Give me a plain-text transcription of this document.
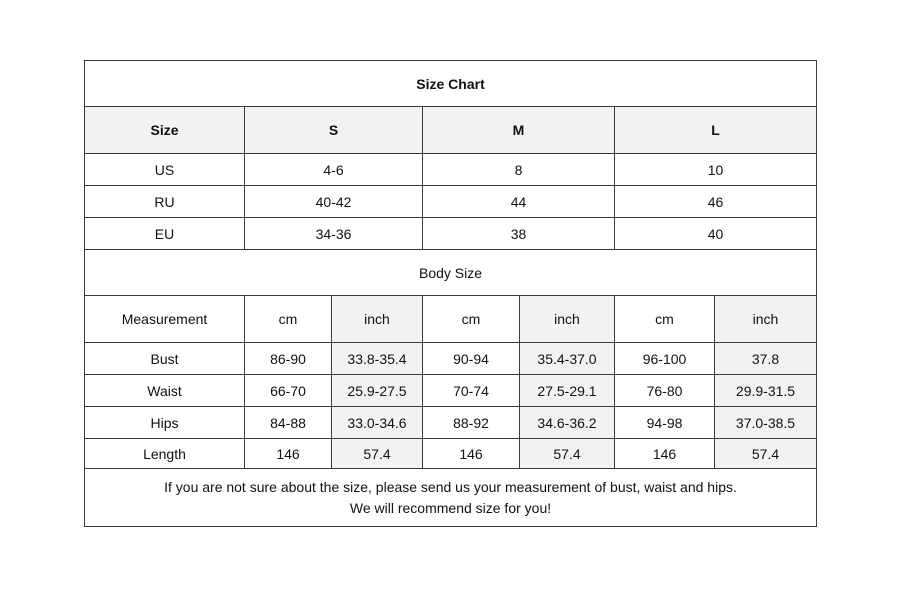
Size Chart						
Size	S		M		L	
US	4-6		8		10	
RU	40-42		44		46	
EU	34-36		38		40	
Body Size						
Measurement	cm	inch	cm	inch	cm	inch
Bust	86-90	33.8-35.4	90-94	35.4-37.0	96-100	37.8
Waist	66-70	25.9-27.5	70-74	27.5-29.1	76-80	29.9-31.5
Hips	84-88	33.0-34.6	88-92	34.6-36.2	94-98	37.0-38.5
Length	146	57.4	146	57.4	146	57.4

If you are not sure about the size, please send us your measurement of bust, waist and hips.
We will recommend size for you!						
